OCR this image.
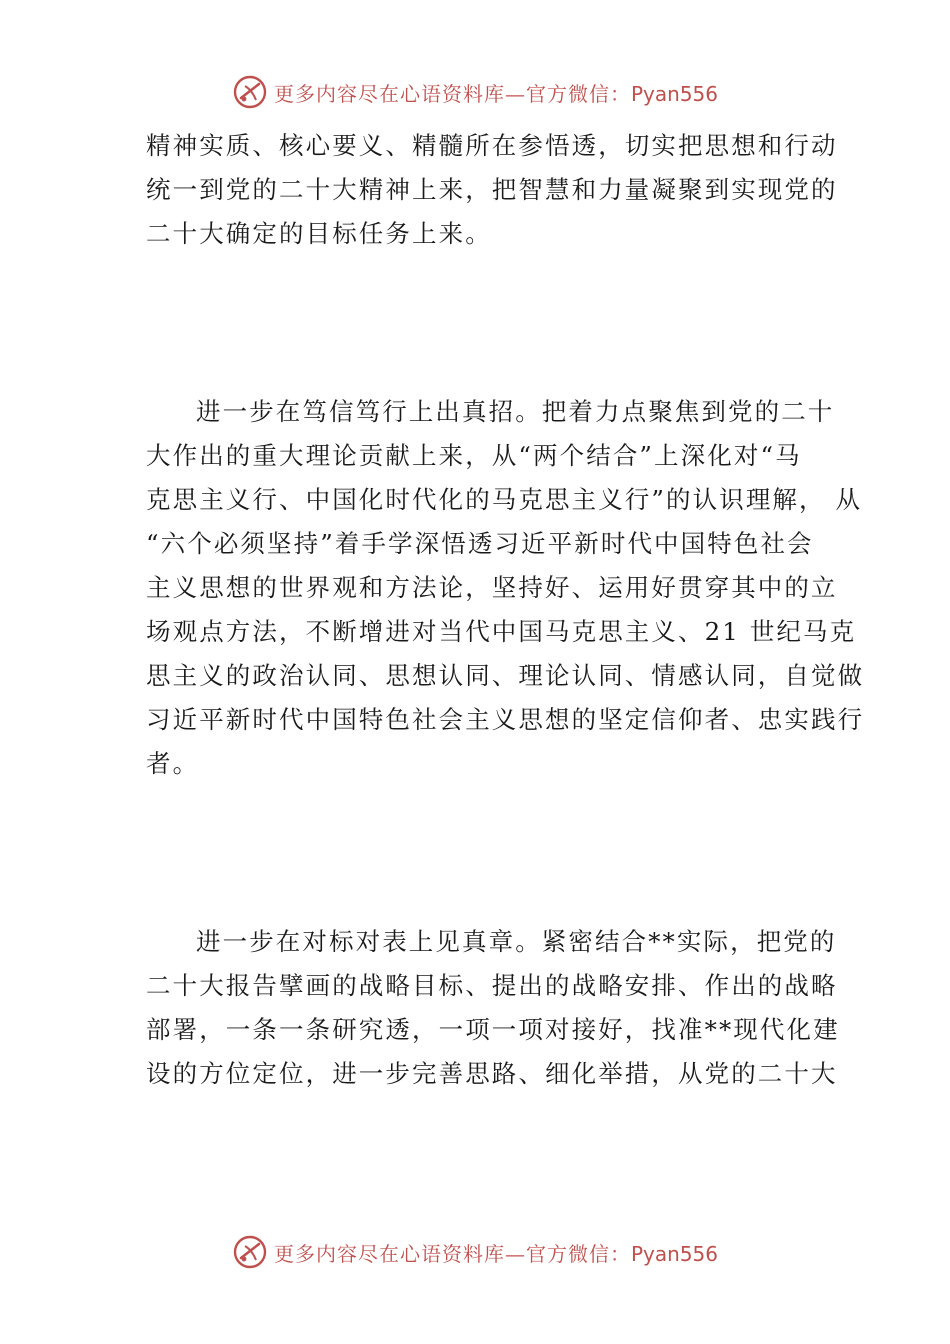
更多内容尽在心语资料库—官方微信：Pyan556
精神实质、核心要义、精髓所在参悟透，切实把思想和行动
统一到党的二十大精神上来，把智慧和力量凝聚到实现党的
二十大确定的目标任务上来。
进一步在笃信笃行上出真招。把着力点聚焦到党的二十
大作出的重大理论贡献上来，从“两个结合”上深化对“马
克思主义行、中国化时代化的马克思主义行”的认识理解， 从
“六个必须坚持”着手学深悟透习近平新时代中国特色社会
主义思想的世界观和方法论，坚持好、运用好贯穿其中的立
场观点方法，不断增进对当代中国马克思主义、21 世纪马克
思主义的政治认同、思想认同、理论认同、情感认同，自觉做
习近平新时代中国特色社会主义思想的坚定信仰者、忠实践行
者。
进一步在对标对表上见真章。紧密结合**实际，把党的
二十大报告擘画的战略目标、提出的战略安排、作出的战略
部署，一条一条研究透，一项一项对接好，找准**现代化建
设的方位定位，进一步完善思路、细化举措，从党的二十大
更多内容尽在心语资料库—官方微信：Pyan556
